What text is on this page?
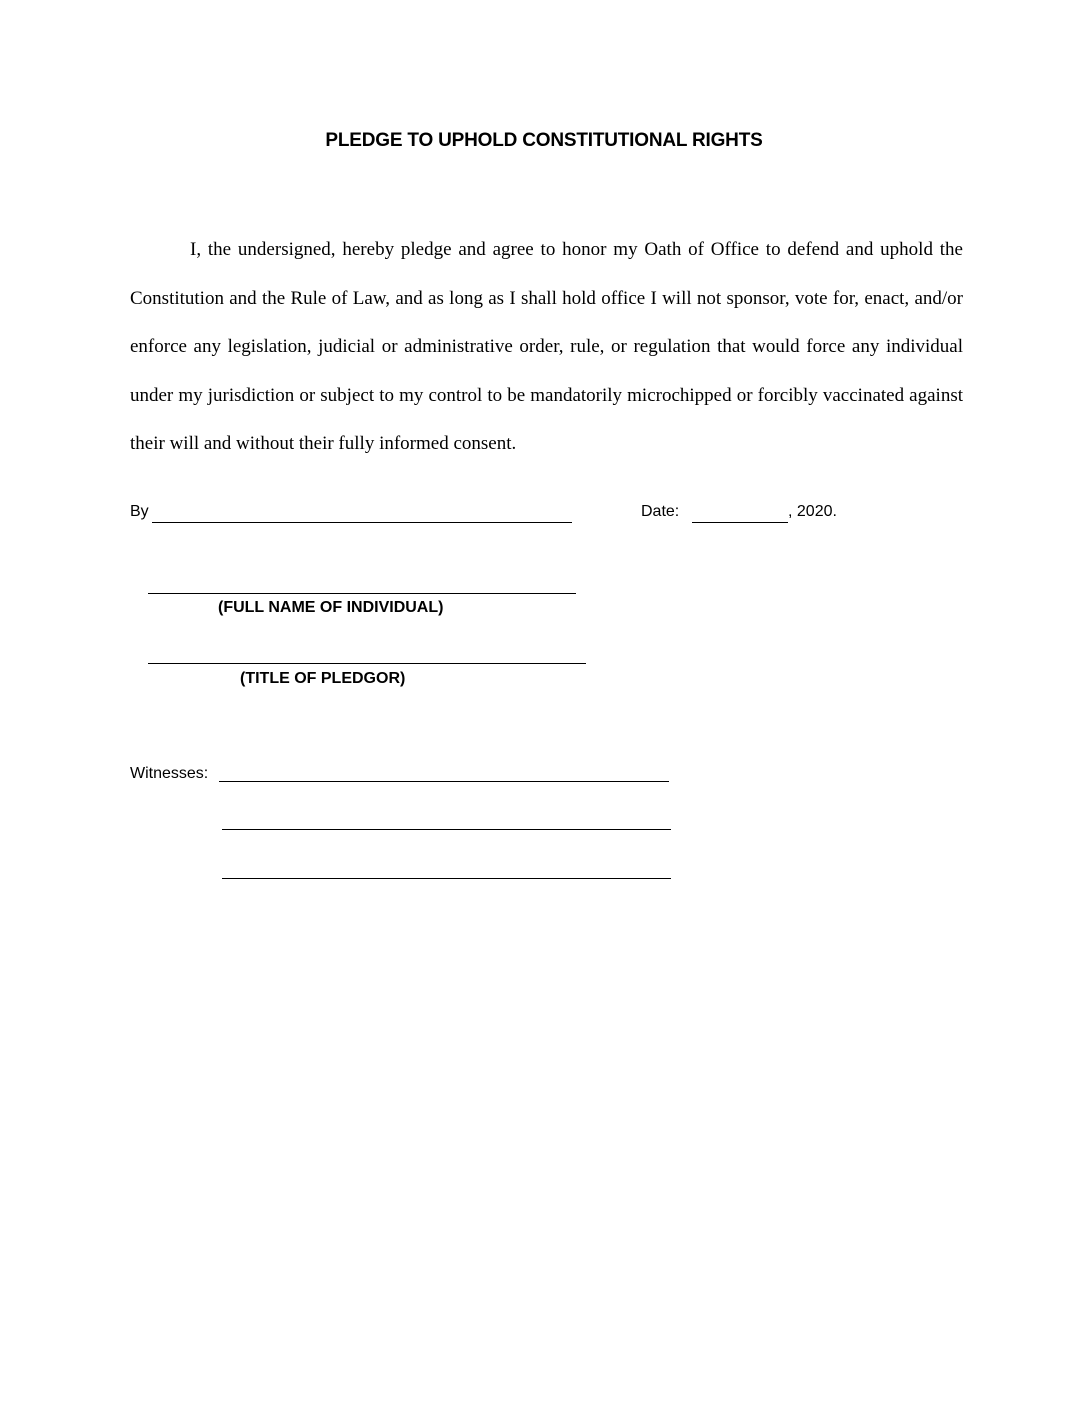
PLEDGE TO UPHOLD CONSTITUTIONAL RIGHTS

I, the undersigned, hereby pledge and agree to honor my Oath of Office to defend and uphold the Constitution and the Rule of Law, and as long as I shall hold office I will not sponsor, vote for, enact, and/or enforce any legislation, judicial or administrative order, rule, or regulation that would force any individual under my jurisdiction or subject to my control to be mandatorily microchipped or forcibly vaccinated against their will and without their fully informed consent.

By	Date:	, 2020.
(FULL NAME OF INDIVIDUAL)
(TITLE OF PLEDGOR)
Witnesses:
